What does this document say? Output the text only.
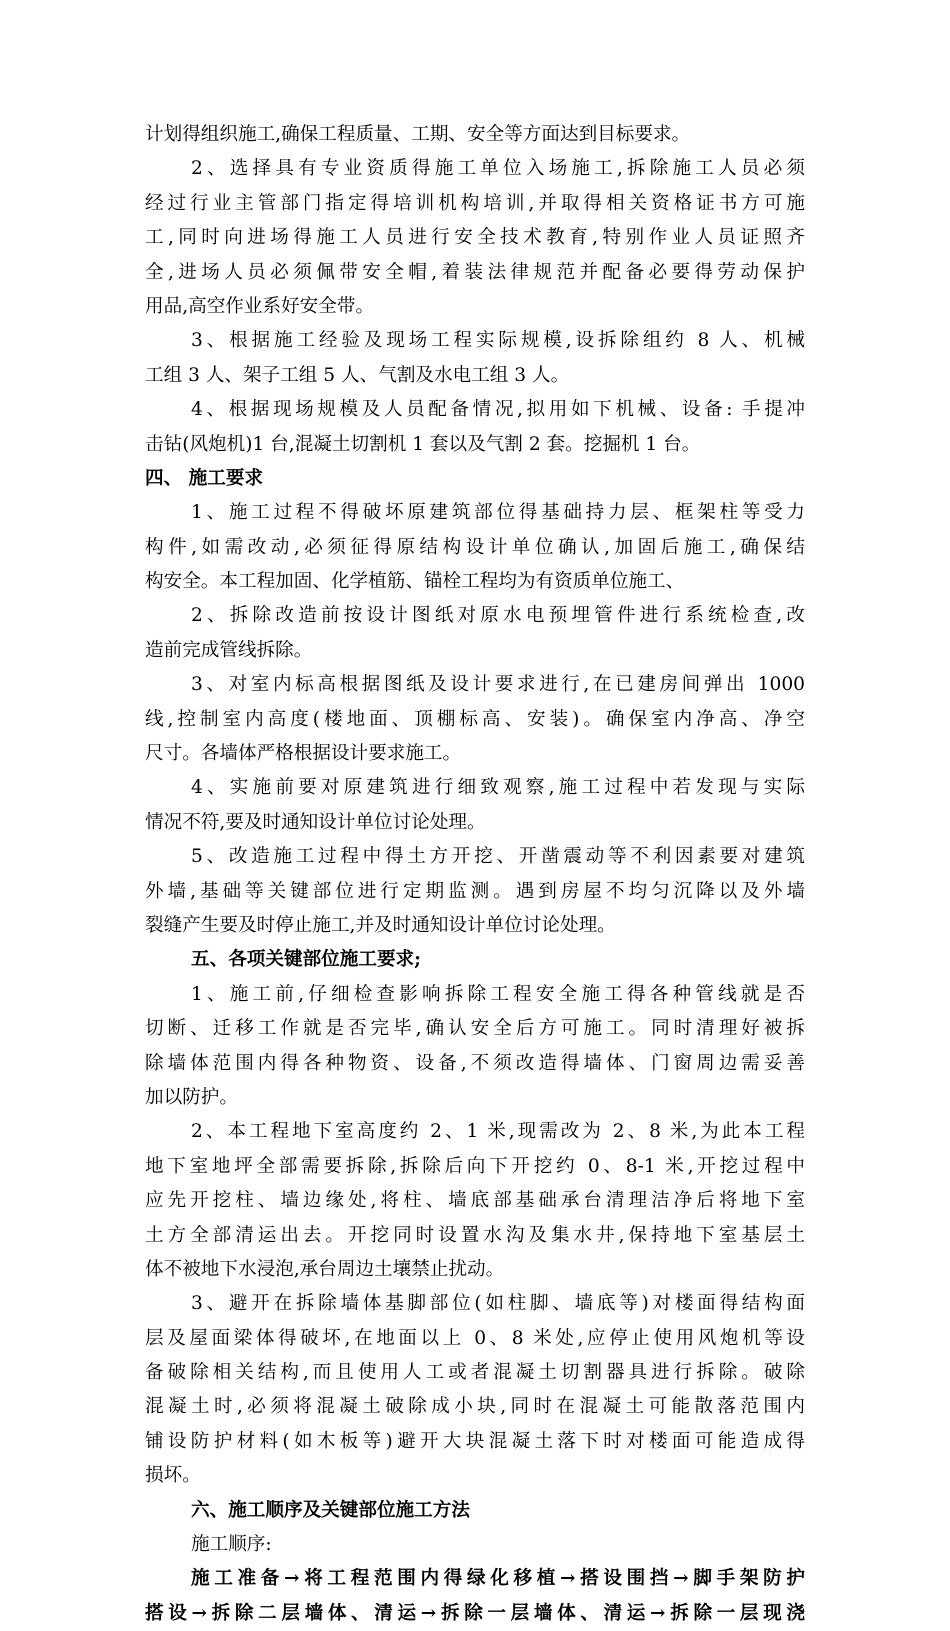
计划得组织施工,确保工程质量、工期、安全等方面达到目标要求。
2、选择具有专业资质得施工单位入场施工,拆除施工人员必须
经过行业主管部门指定得培训机构培训,并取得相关资格证书方可施
工,同时向进场得施工人员进行安全技术教育,特别作业人员证照齐
全,进场人员必须佩带安全帽,着装法律规范并配备必要得劳动保护
用品,高空作业系好安全带。
3、根据施工经验及现场工程实际规模,设拆除组约 8 人、机械
工组 3 人、架子工组 5 人、气割及水电工组 3 人。
4、根据现场规模及人员配备情况,拟用如下机械、设备: 手提冲
击钻(风炮机)1 台,混凝土切割机 1 套以及气割 2 套。挖掘机 1 台。
四、 施工要求
1、施工过程不得破坏原建筑部位得基础持力层、框架柱等受力
构件,如需改动,必须征得原结构设计单位确认,加固后施工,确保结
构安全。本工程加固、化学植筋、锚栓工程均为有资质单位施工、
2、拆除改造前按设计图纸对原水电预埋管件进行系统检查,改
造前完成管线拆除。
3、对室内标高根据图纸及设计要求进行,在已建房间弹出 1000
线,控制室内高度(楼地面、顶棚标高、安装)。确保室内净高、净空
尺寸。各墙体严格根据设计要求施工。
4、实施前要对原建筑进行细致观察,施工过程中若发现与实际
情况不符,要及时通知设计单位讨论处理。
5、改造施工过程中得土方开挖、开凿震动等不利因素要对建筑
外墙,基础等关键部位进行定期监测。遇到房屋不均匀沉降以及外墙
裂缝产生要及时停止施工,并及时通知设计单位讨论处理。
五、各项关键部位施工要求;
1、施工前,仔细检查影响拆除工程安全施工得各种管线就是否
切断、迁移工作就是否完毕,确认安全后方可施工。同时清理好被拆
除墙体范围内得各种物资、设备,不须改造得墙体、门窗周边需妥善
加以防护。
2、本工程地下室高度约 2、1 米,现需改为 2、8 米,为此本工程
地下室地坪全部需要拆除,拆除后向下开挖约 0、8-1 米,开挖过程中
应先开挖柱、墙边缘处,将柱、墙底部基础承台清理洁净后将地下室
土方全部清运出去。开挖同时设置水沟及集水井,保持地下室基层土
体不被地下水浸泡,承台周边土壤禁止扰动。
3、避开在拆除墙体基脚部位(如柱脚、墙底等)对楼面得结构面
层及屋面梁体得破坏,在地面以上 0、8 米处,应停止使用风炮机等设
备破除相关结构,而且使用人工或者混凝土切割器具进行拆除。破除
混凝土时,必须将混凝土破除成小块,同时在混凝土可能散落范围内
铺设防护材料(如木板等)避开大块混凝土落下时对楼面可能造成得
损坏。
六、施工顺序及关键部位施工方法
施工顺序:
施工准备→将工程范围内得绿化移植→搭设围挡→脚手架防护
搭设→拆除二层墙体、清运→拆除一层墙体、清运→拆除一层现浇
